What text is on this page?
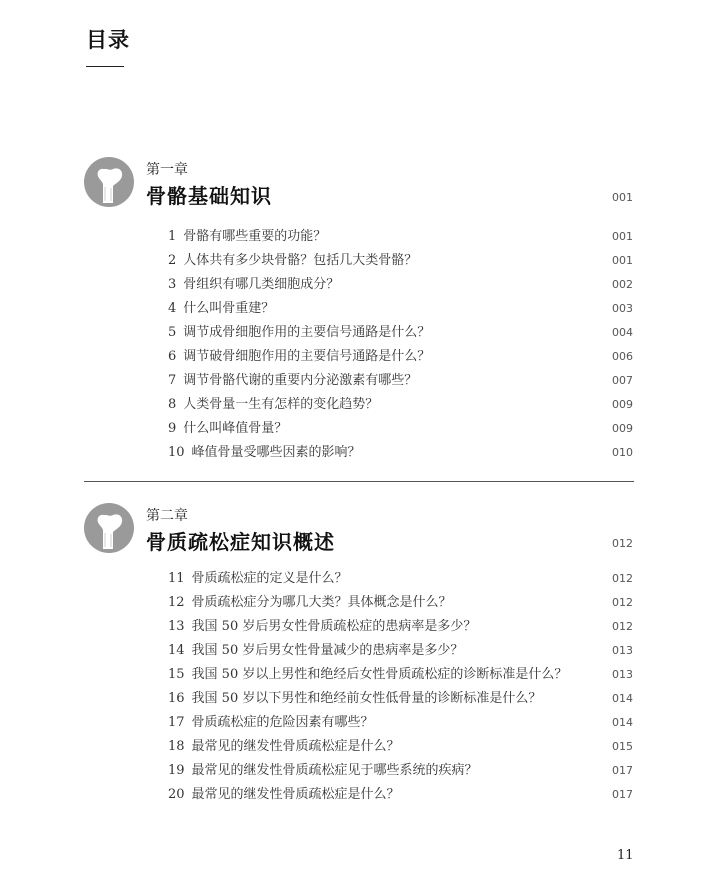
目录
第一章
骨骼基础知识	001
1 骨骼有哪些重要的功能？	001
2 人体共有多少块骨骼？包括几大类骨骼？	001
3 骨组织有哪几类细胞成分？	002
4 什么叫骨重建？	003
5 调节成骨细胞作用的主要信号通路是什么？	004
6 调节破骨细胞作用的主要信号通路是什么？	006
7 调节骨骼代谢的重要内分泌激素有哪些？	007
8 人类骨量一生有怎样的变化趋势？	009
9 什么叫峰值骨量？	009
10 峰值骨量受哪些因素的影响？	010
第二章
骨质疏松症知识概述	012
11 骨质疏松症的定义是什么？	012
12 骨质疏松症分为哪几大类？具体概念是什么？	012
13 我国 50 岁后男女性骨质疏松症的患病率是多少？	012
14 我国 50 岁后男女性骨量减少的患病率是多少？	013
15 我国 50 岁以上男性和绝经后女性骨质疏松症的诊断标准是什么？	013
16 我国 50 岁以下男性和绝经前女性低骨量的诊断标准是什么？	014
17 骨质疏松症的危险因素有哪些？	014
18 最常见的继发性骨质疏松症是什么？	015
19 最常见的继发性骨质疏松症见于哪些系统的疾病？	017
20 最常见的继发性骨质疏松症是什么？	017
11
